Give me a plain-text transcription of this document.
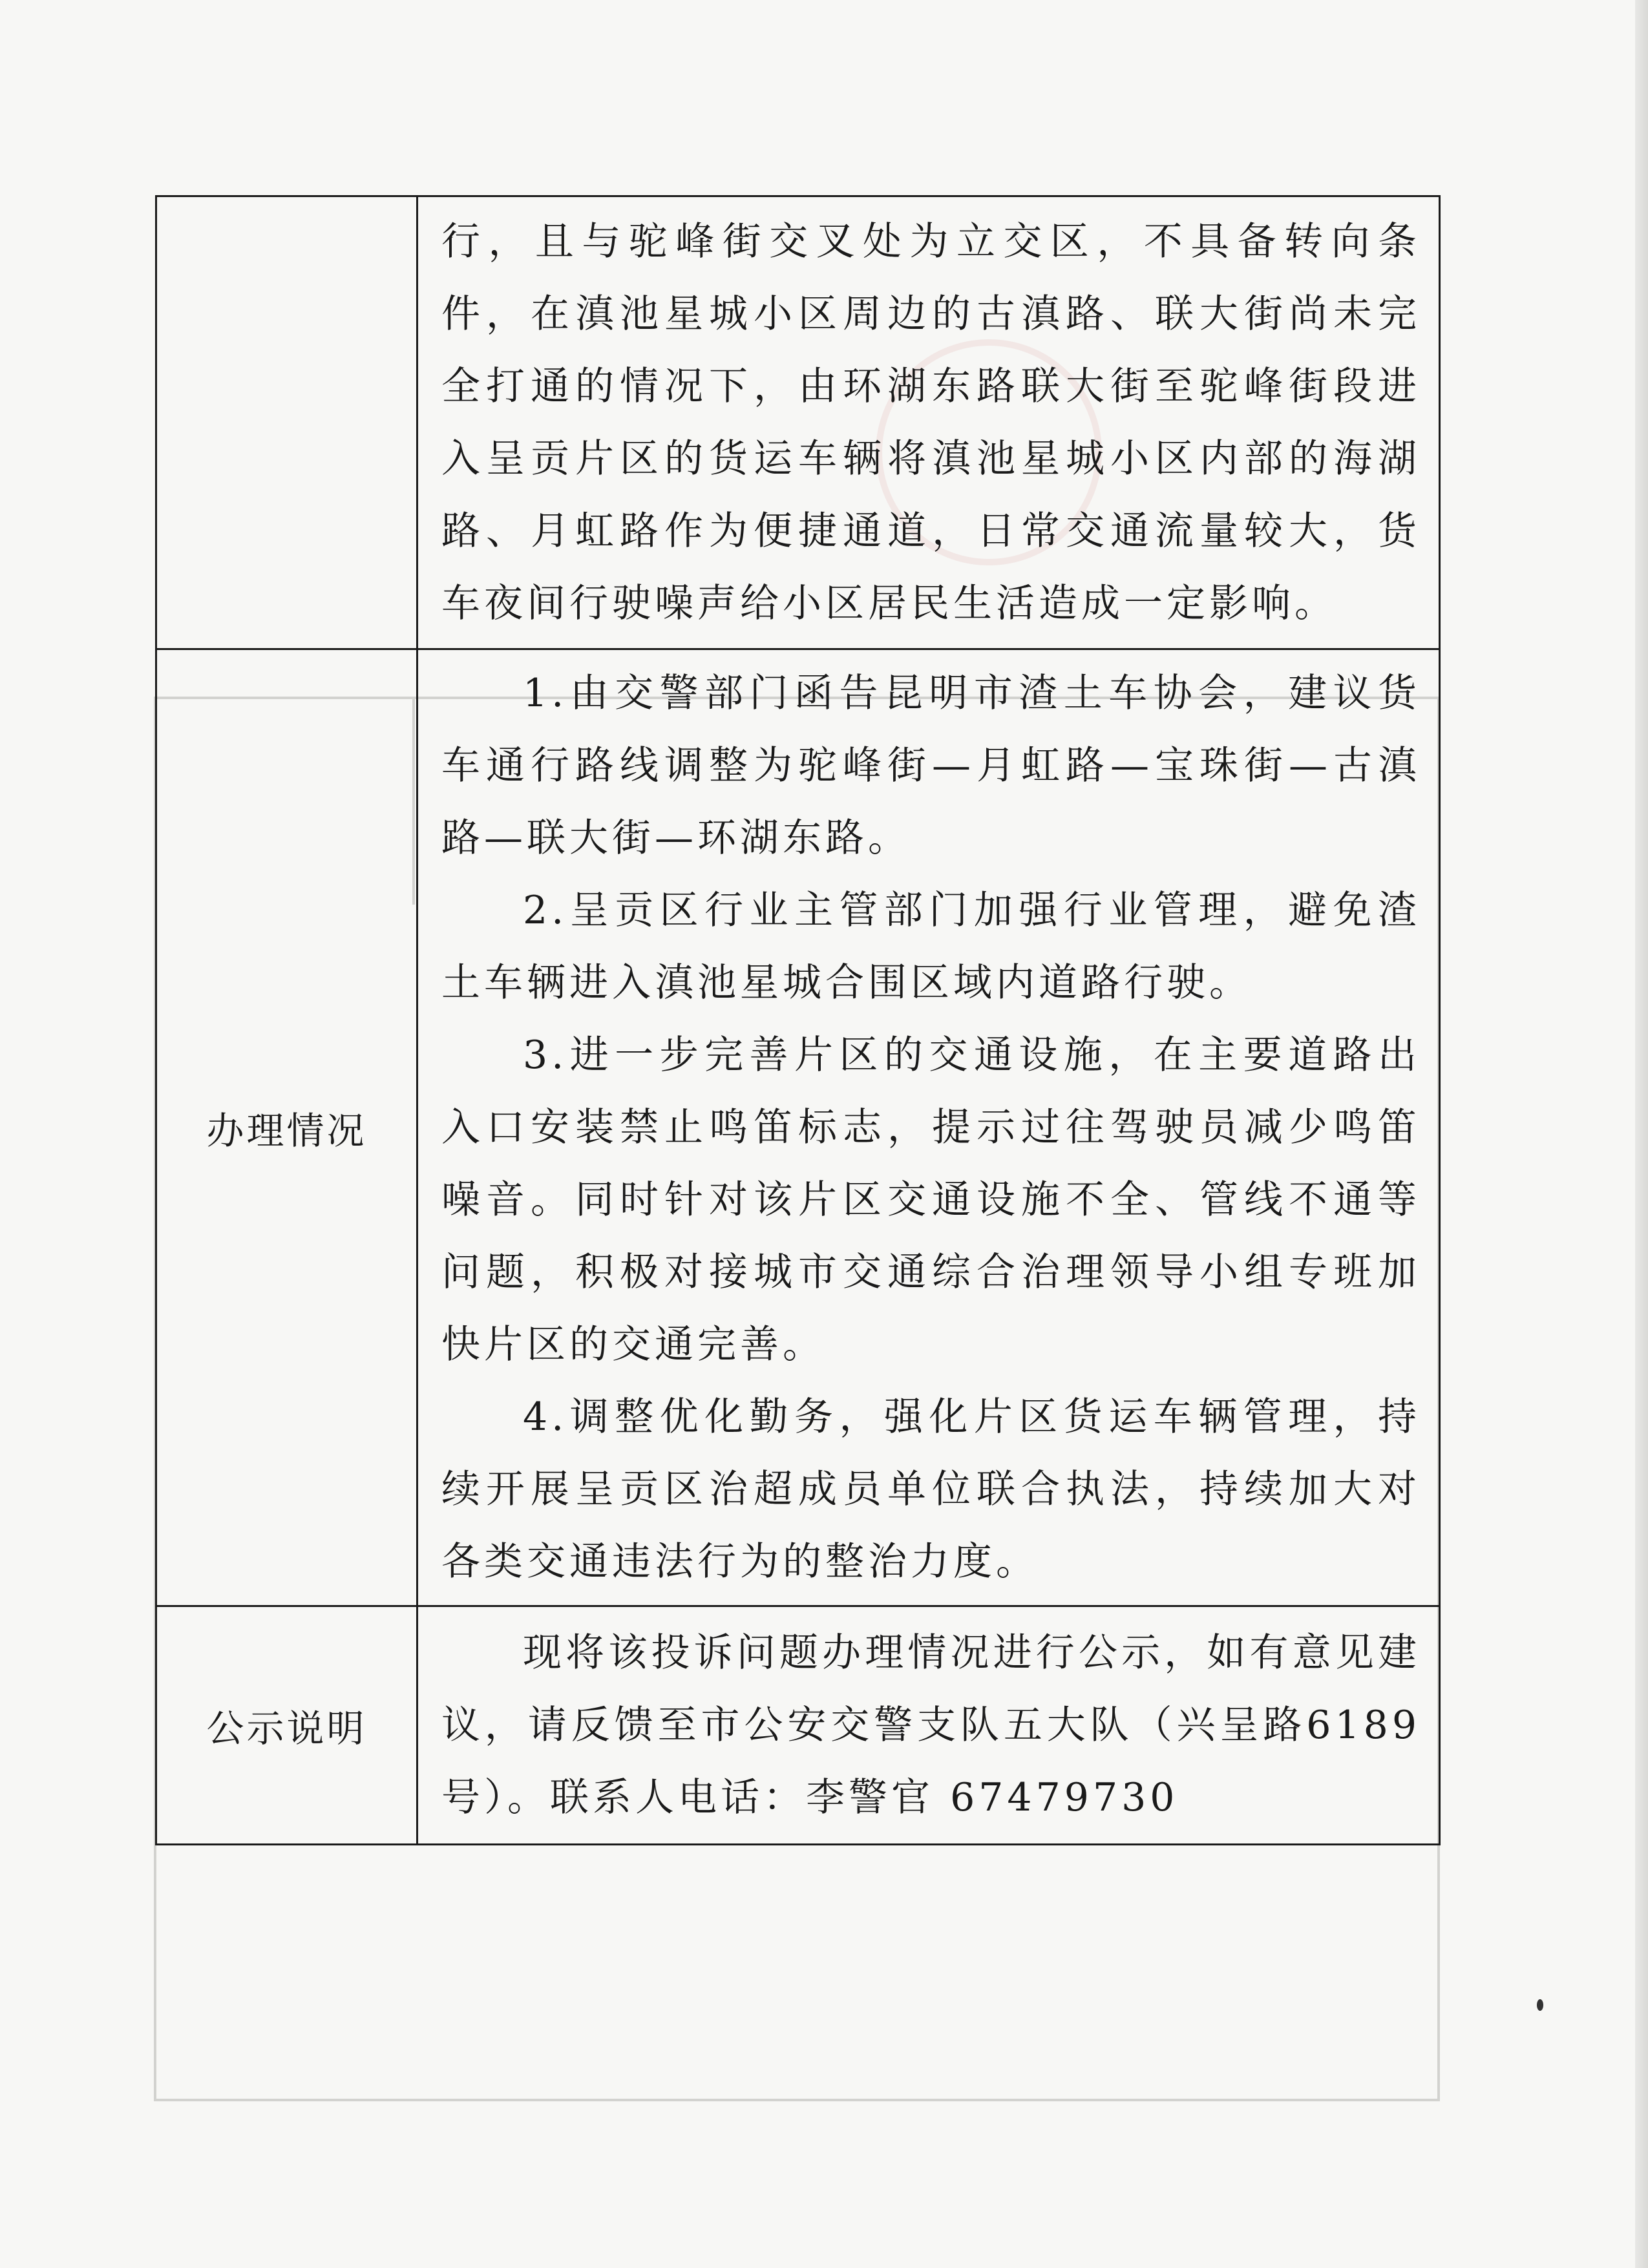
	行，且与驼峰街交叉处为立交区，不具备转向条件，在滇池星城小区周边的古滇路、联大街尚未完全打通的情况下，由环湖东路联大街至驼峰街段进入呈贡片区的货运车辆将滇池星城小区内部的海湖路、月虹路作为便捷通道，日常交通流量较大，货车夜间行驶噪声给小区居民生活造成一定影响。

办理情况	1.由交警部门函告昆明市渣土车协会，建议货车通行路线调整为驼峰街—月虹路—宝珠街—古滇路—联大街—环湖东路。

2.呈贡区行业主管部门加强行业管理，避免渣土车辆进入滇池星城合围区域内道路行驶。

3.进一步完善片区的交通设施，在主要道路出入口安装禁止鸣笛标志，提示过往驾驶员减少鸣笛噪音。同时针对该片区交通设施不全、管线不通等问题，积极对接城市交通综合治理领导小组专班加快片区的交通完善。

4.调整优化勤务，强化片区货运车辆管理，持续开展呈贡区治超成员单位联合执法，持续加大对各类交通违法行为的整治力度。

公示说明	现将该投诉问题办理情况进行公示，如有意见建议，请反馈至市公安交警支队五大队（兴呈路6189号）。联系人电话：李警官 67479730
